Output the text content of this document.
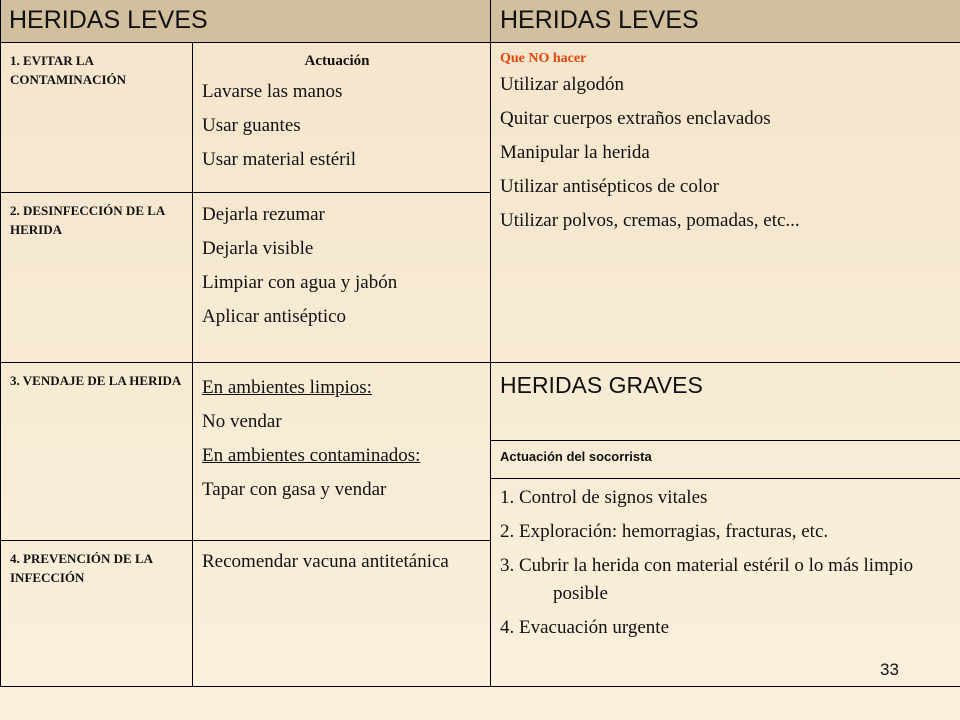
HERIDAS LEVES	HERIDAS LEVES
1. EVITAR LA CONTAMINACIÓN
Actuación
Lavarse las manos
Usar guantes
Usar material estéril
2. DESINFECCIÓN DE LA HERIDA
Dejarla rezumar
Dejarla visible
Limpiar con agua y jabón
Aplicar antiséptico
3. VENDAJE DE LA HERIDA	En ambientes limpios:
No vendar
En ambientes contaminados:
Tapar con gasa y vendar
4. PREVENCIÓN DE LA INFECCIÓN
Recomendar vacuna antitetánica
Que NO hacer
Utilizar algodón
Quitar cuerpos extraños enclavados
Manipular la herida
Utilizar antisépticos de color
Utilizar polvos, cremas, pomadas, etc...
HERIDAS GRAVES
Actuación del socorrista
1. Control de signos vitales
2. Exploración: hemorragias, fracturas, etc.
3. Cubrir la herida con material estéril o lo más limpio posible
4. Evacuación urgente
33
